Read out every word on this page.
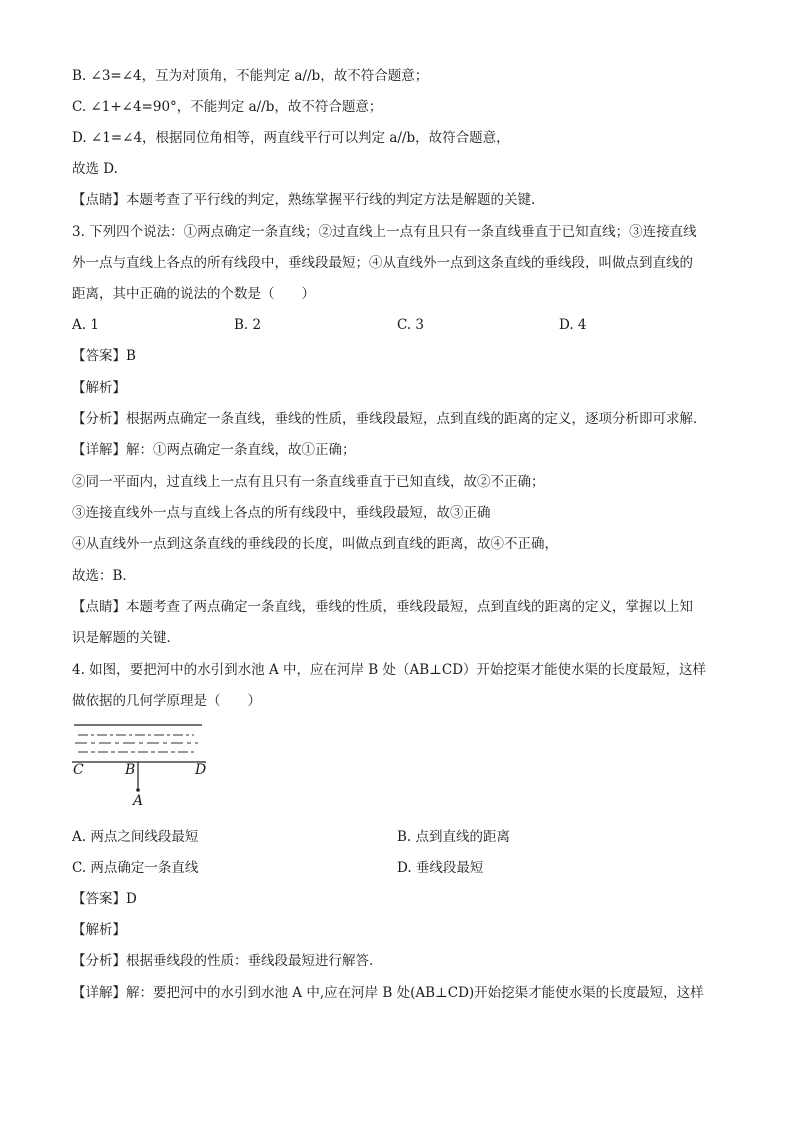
B. ∠3=∠4，互为对顶角，不能判定 a//b，故不符合题意；
C. ∠1+∠4=90°，不能判定 a//b，故不符合题意；
D. ∠1=∠4，根据同位角相等，两直线平行可以判定 a//b，故符合题意，
故选 D.
【点睛】本题考查了平行线的判定，熟练掌握平行线的判定方法是解题的关键.
3. 下列四个说法：①两点确定一条直线；②过直线上一点有且只有一条直线垂直于已知直线；③连接直线
外一点与直线上各点的所有线段中，垂线段最短；④从直线外一点到这条直线的垂线段，叫做点到直线的
距离，其中正确的说法的个数是（　　）
A. 1	B. 2	C. 3	D. 4
【答案】B
【解析】
【分析】根据两点确定一条直线，垂线的性质，垂线段最短，点到直线的距离的定义，逐项分析即可求解．
【详解】解：①两点确定一条直线，故①正确；
②同一平面内，过直线上一点有且只有一条直线垂直于已知直线，故②不正确；
③连接直线外一点与直线上各点的所有线段中，垂线段最短，故③正确
④从直线外一点到这条直线的垂线段的长度，叫做点到直线的距离，故④不正确，
故选：B．
【点睛】本题考查了两点确定一条直线，垂线的性质，垂线段最短，点到直线的距离的定义，掌握以上知
识是解题的关键．
4. 如图，要把河中的水引到水池 A 中，应在河岸 B 处（AB⊥CD）开始挖渠才能使水渠的长度最短，这样
做依据的几何学原理是（　　）
C	B	D
A
A. 两点之间线段最短	B. 点到直线的距离
C. 两点确定一条直线	D. 垂线段最短
【答案】D
【解析】
【分析】根据垂线段的性质：垂线段最短进行解答．
【详解】解：要把河中的水引到水池 A 中,应在河岸 B 处(AB⊥CD)开始挖渠才能使水渠的长度最短，这样
